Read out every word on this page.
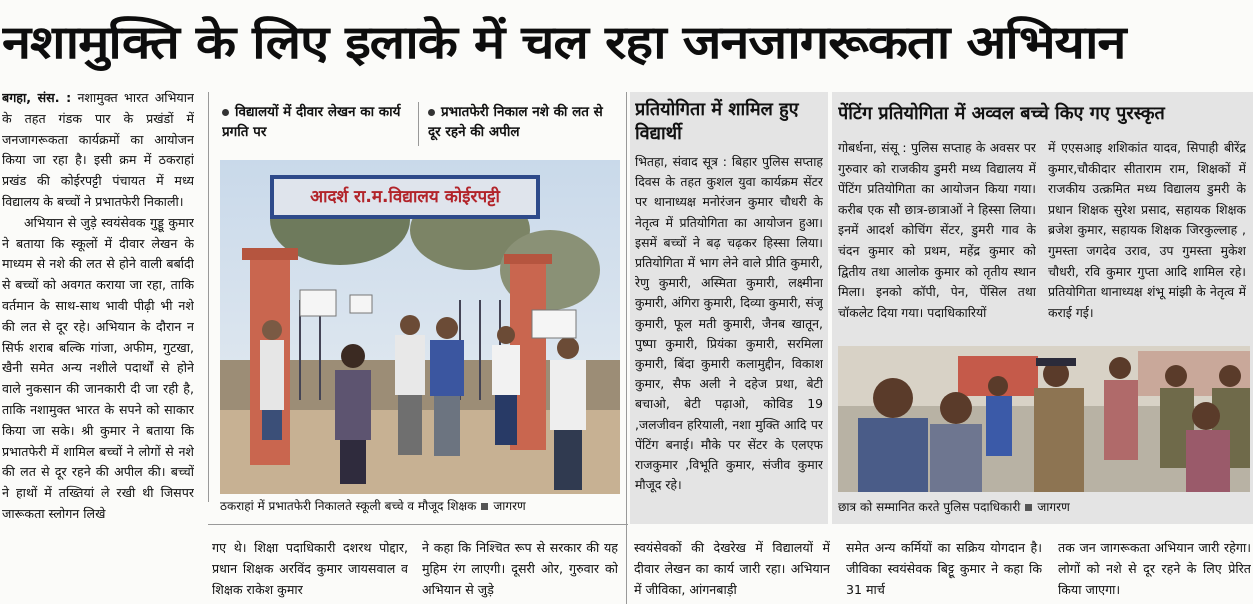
नशामुक्ति के लिए इलाके में चल रहा जनजागरूकता अभियान

बगहा, संस. : नशामुक्त भारत अभियान के तहत गंडक पार के प्रखंडों में जनजागरूकता कार्यक्रमों का आयोजन किया जा रहा है। इसी क्रम में ठकराहां प्रखंड की कोईरपट्टी पंचायत में मध्य विद्यालय के बच्चों ने प्रभातफेरी निकाली।

अभियान से जुड़े स्वयंसेवक गुड्डू कुमार ने बताया कि स्कूलों में दीवार लेखन के माध्यम से नशे की लत से होने वाली बर्बादी से बच्चों को अवगत कराया जा रहा, ताकि वर्तमान के साथ-साथ भावी पीढ़ी भी नशे की लत से दूर रहे। अभियान के दौरान न सिर्फ शराब बल्कि गांजा, अफीम, गुटखा, खैनी समेत अन्य नशीले पदार्थों से होने वाले नुकसान की जानकारी दी जा रही है, ताकि नशामुक्त भारत के सपने को साकार किया जा सके। श्री कुमार ने बताया कि प्रभातफेरी में शामिल बच्चों ने लोगों से नशे की लत से दूर रहने की अपील की। बच्चों ने हाथों में तख्तियां ले रखी थी जिसपर जारूकता स्लोगन लिखे

विद्यालयों में दीवार लेखन का कार्य प्रगति पर
प्रभातफेरी निकाल नशे की लत से दूर रहने की अपील
आदर्श रा.म.विद्यालय कोईरपट्टी
ठकराहां में प्रभातफेरी निकालते स्कूली बच्चे व मौजूद शिक्षक जागरण
गए थे। शिक्षा पदाधिकारी दशरथ पोद्दार, प्रधान शिक्षक अरविंद कुमार जायसवाल व शिक्षक राकेश कुमार
ने कहा कि निश्चित रूप से सरकार की यह मुहिम रंग लाएगी। दूसरी ओर, गुरुवार को अभियान से जुड़े
स्वयंसेवकों की देखरेख में विद्यालयों में दीवार लेखन का कार्य जारी रहा। अभियान में जीविका, आंगनबाड़ी
समेत अन्य कर्मियों का सक्रिय योगदान है। जीविका स्वयंसेवक बिट्टू कुमार ने कहा कि 31 मार्च
तक जन जागरूकता अभियान जारी रहेगा। लोगों को नशे से दूर रहने के लिए प्रेरित किया जाएगा।
प्रतियोगिता में शामिल हुए विद्यार्थी
भितहा, संवाद सूत्र : बिहार पुलिस सप्ताह दिवस के तहत कुशल युवा कार्यक्रम सेंटर पर थानाध्यक्ष मनोरंजन कुमार चौधरी के नेतृत्व में प्रतियोगिता का आयोजन हुआ। इसमें बच्चों ने बढ़ चढ़कर हिस्सा लिया। प्रतियोगिता में भाग लेने वाले प्रीति कुमारी, रेणु कुमारी, अस्मिता कुमारी, लक्ष्मीना कुमारी, अंगिरा कुमारी, दिव्या कुमारी, संजू कुमारी, फूल मती कुमारी, जैनब खातून, पुष्पा कुमारी, प्रियंका कुमारी, सरमिला कुमारी, बिंदा कुमारी कलामुद्दीन, विकाश कुमार, सैफ अली ने दहेज प्रथा, बेटी बचाओ, बेटी पढ़ाओ, कोविड 19 ,जलजीवन हरियाली, नशा मुक्ति आदि पर पेंटिंग बनाई। मौके पर सेंटर के एलएफ राजकुमार ,विभूति कुमार, संजीव कुमार मौजूद रहे।
पेंटिंग प्रतियोगिता में अव्वल बच्चे किए गए पुरस्कृत
गोबर्धना, संसू : पुलिस सप्ताह के अवसर पर गुरुवार को राजकीय डुमरी मध्य विद्यालय में पेंटिंग प्रतियोगिता का आयोजन किया गया। करीब एक सौ छात्र-छात्राओं ने हिस्सा लिया। इनमें आदर्श कोचिंग सेंटर, डुमरी गाव के चंदन कुमार को प्रथम, महेंद्र कुमार को द्वितीय तथा आलोक कुमार को तृतीय स्थान मिला। इनको कॉपी, पेन, पेंसिल तथा चॉकलेट दिया गया। पदाधिकारियों
में एएसआइ शशिकांत यादव, सिपाही बीरेंद्र कुमार,चौकीदार सीताराम राम, शिक्षकों में राजकीय उत्क्रमित मध्य विद्यालय डुमरी के प्रधान शिक्षक सुरेश प्रसाद, सहायक शिक्षक ब्रजेश कुमार, सहायक शिक्षक जिरकुल्लाह , गुमस्ता जगदेव उराव, उप गुमस्ता मुकेश चौधरी, रवि कुमार गुप्ता आदि शामिल रहे। प्रतियोगिता थानाध्यक्ष शंभू मांझी के नेतृत्व में कराई गई।
छात्र को सम्मानित करते पुलिस पदाधिकारी जागरण
